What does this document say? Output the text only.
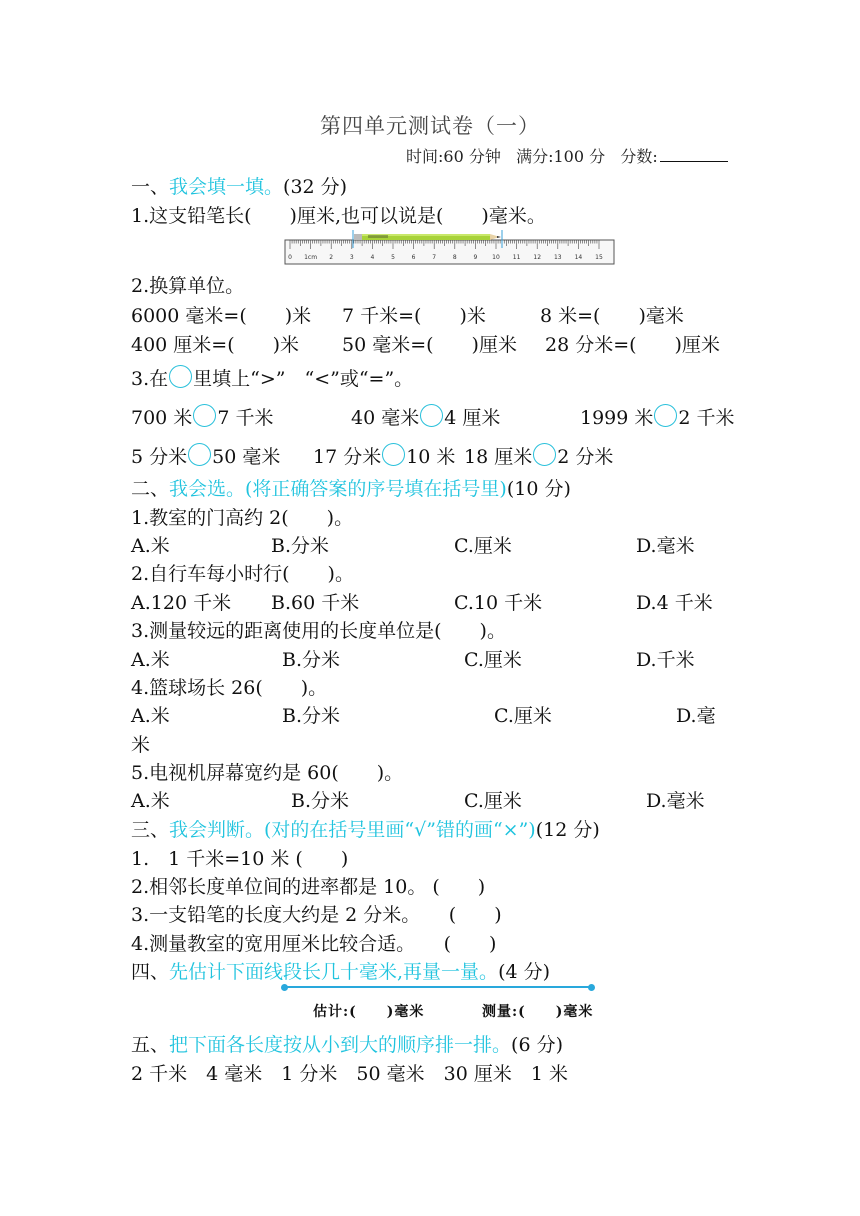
第四单元测试卷（一）
时间:60 分钟 满分:100 分 分数:
一、我会填一填。(32 分)
1.这支铅笔长(　　)厘米,也可以说是(　　)毫米。
0 1cm 2	3	4	5	6	7	8	9 10 11 12 13 14 15
2.换算单位。
6000 毫米=(　　)米 7 千米=(　　)米	8 米=(　　)毫米
400 厘米=(　　)米 50 毫米=(　　)厘米 28 分米=(　　)厘米
3.在 里填上“>”　“<”或“=”。
700 米 7 千米	40 毫米 4 厘米	1999 米 2 千米
5 分米 50 毫米 17 分米 10 米 18 厘米 2 分米
二、我会选。(将正确答案的序号填在括号里)(10 分)
1.教室的门高约 2(　　)。
A.米	B.分米	C.厘米	D.毫米
2.自行车每小时行(　　)。
A.120 千米 B.60 千米	C.10 千米	D.4 千米
3.测量较远的距离使用的长度单位是(　　)。
A.米	B.分米	C.厘米	D.千米
4.篮球场长 26(　　)。
A.米	B.分米	C.厘米	D.毫
米
5.电视机屏幕宽约是 60(　　)。
A.米	B.分米	C.厘米	D.毫米
三、我会判断。(对的在括号里画“√”错的画“×”)(12 分)
1.　1 千米=10 米 (　　)
2.相邻长度单位间的进率都是 10。 (　　)
3.一支铅笔的长度大约是 2 分米。　　(　　)
4.测量教室的宽用厘米比较合适。　　(　　)
四、先估计下面线段长几十毫米,再量一量。(4 分)
估计:(　　)毫米	测量:(　　)毫米
五、把下面各长度按从小到大的顺序排一排。(6 分)
2 千米　4 毫米　1 分米　50 毫米　30 厘米　1 米
